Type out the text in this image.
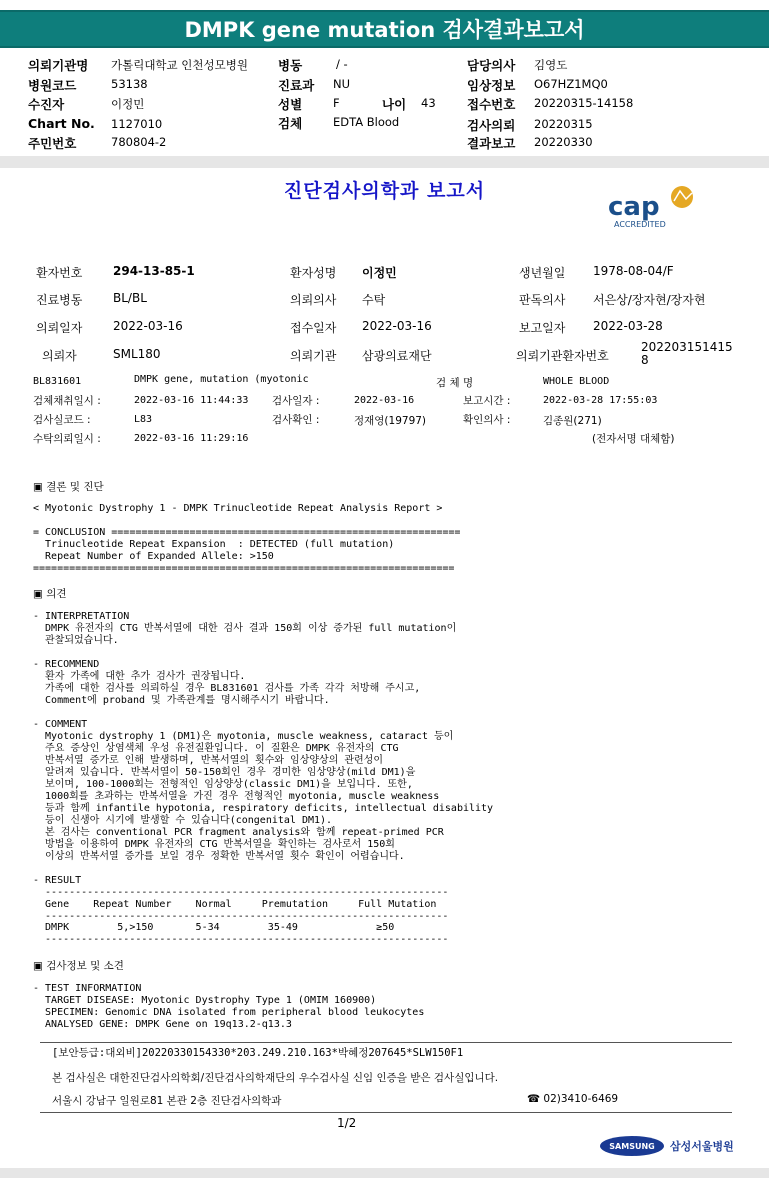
DMPK gene mutation 검사결과보고서
의뢰기관명 가톨릭대학교 인천성모병원 병동	/ -	담당의사 김영도
병원코드	53138	진료과 NU	임상정보 O67HZ1MQ0
수진자	이정민	성별	F	나이 43	접수번호 20220315-14158
Chart No. 1127010	검체	EDTA Blood	검사의뢰 20220315
주민번호	780804-2	결과보고 20220330
진단검사의학과 보고서
cap
ACCREDITED
환자번호	294-13-85-1	환자성명 이정민	생년월일 1978-08-04/F
진료병동	BL/BL	의뢰의사 수탁	판독의사 서은상/장자현/장자현
의뢰일자	2022-03-16	접수일자 2022-03-16	보고일자 2022-03-28
의뢰자	SML180	의뢰기관 삼광의료재단	의뢰기관환자번호
202203151415
8
BL831601	DMPK gene, mutation (myotonic	검 체 명	WHOLE BLOOD
검체채취일시 :	2022-03-16 11:44:33 검사일자 :	2022-03-16	보고시간 :	2022-03-28 17:55:03
검사실코드 :	L83	검사확인 :	정재영(19797)	확인의사 :	김종원(271)
수탁의뢰일시 :	2022-03-16 11:29:16	(전자서명 대체함)
▣ 결론 및 진단
< Myotonic Dystrophy 1 - DMPK Trinucleotide Repeat Analysis Report >
= CONCLUSION ==========================================================
Trinucleotide Repeat Expansion  : DETECTED (full mutation)
Repeat Number of Expanded Allele: >150
======================================================================
▣ 의견
- INTERPRETATION
DMPK 유전자의 CTG 반복서열에 대한 검사 결과 150회 이상 증가된 full mutation이
관찰되었습니다.
- RECOMMEND
환자 가족에 대한 추가 검사가 권장됩니다.
가족에 대한 검사를 의뢰하실 경우 BL831601 검사를 가족 각각 처방해 주시고,
Comment에 proband 및 가족관계를 명시해주시기 바랍니다.
- COMMENT
Myotonic dystrophy 1 (DM1)은 myotonia, muscle weakness, cataract 등이
주요 증상인 상염색체 우성 유전질환입니다. 이 질환은 DMPK 유전자의 CTG
반복서열 증가로 인해 발생하며, 반복서열의 횟수와 임상양상의 관련성이
알려져 있습니다. 반복서열이 50-150회인 경우 경미한 임상양상(mild DM1)을
보이며, 100-1000회는 전형적인 임상양상(classic DM1)을 보입니다. 또한,
1000회를 초과하는 반복서열을 가진 경우 전형적인 myotonia, muscle weakness
등과 함께 infantile hypotonia, respiratory deficits, intellectual disability
등이 신생아 시기에 발생할 수 있습니다(congenital DM1).
본 검사는 conventional PCR fragment analysis와 함께 repeat-primed PCR
방법을 이용하여 DMPK 유전자의 CTG 반복서열을 확인하는 검사로서 150회
이상의 반복서열 증가를 보일 경우 정확한 반복서열 횟수 확인이 어렵습니다.
- RESULT
-------------------------------------------------------------------
Gene    Repeat Number    Normal     Premutation     Full Mutation
-------------------------------------------------------------------
DMPK        5,>150       5-34        35-49             ≥50
-------------------------------------------------------------------
▣ 검사정보 및 소견
- TEST INFORMATION
TARGET DISEASE: Myotonic Dystrophy Type 1 (OMIM 160900)
SPECIMEN: Genomic DNA isolated from peripheral blood leukocytes
ANALYSED GENE: DMPK Gene on 19q13.2-q13.3
[보안등급:대외비]20220330154330*203.249.210.163*박혜정207645*SLW150F1
본 검사실은 대한진단검사의학회/진단검사의학재단의 우수검사실 신임 인증을 받은 검사실입니다.
서울시 강남구 일원로81 본관 2층 진단검사의학과	☎ 02)3410-6469
1/2
SAMSUNG 삼성서울병원
